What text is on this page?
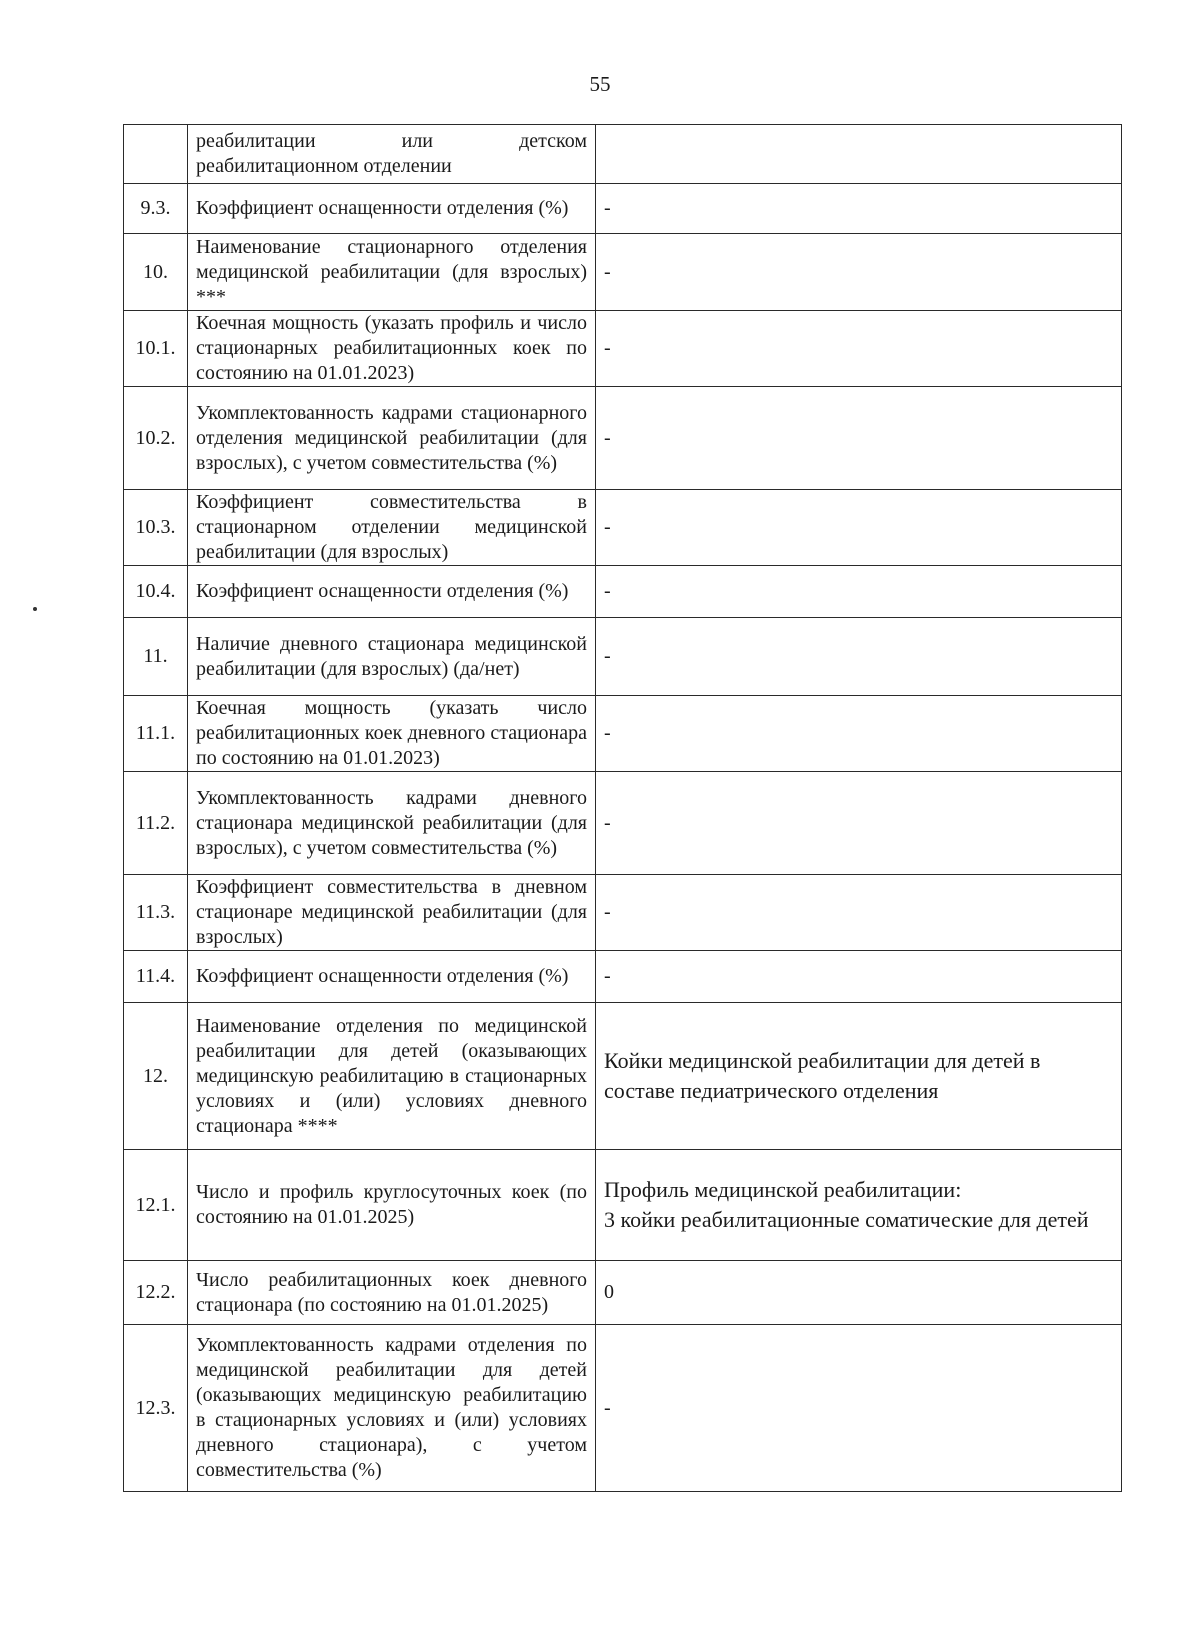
55
	реабилитации или детском реабилитационном отделении	
9.3.	Коэффициент оснащенности отделения (%)	-
10.	Наименование стационарного отделения медицинской реабилитации (для взрослых) ***	-
10.1.	Коечная мощность (указать профиль и число стационарных реабилитационных коек по состоянию на 01.01.2023)	-
10.2.	Укомплектованность кадрами стационарного отделения медицинской реабилитации (для взрослых), с учетом совместительства (%)	-
10.3.	Коэффициент совместительства в стационарном отделении медицинской реабилитации (для взрослых)	-
10.4.	Коэффициент оснащенности отделения (%)	-
11.	Наличие дневного стационара медицинской реабилитации (для взрослых) (да/нет)	-
11.1.	Коечная мощность (указать число реабилитационных коек дневного стационара по состоянию на 01.01.2023)	-
11.2.	Укомплектованность кадрами дневного стационара медицинской реабилитации (для взрослых), с учетом совместительства (%)	-
11.3.	Коэффициент совместительства в дневном стационаре медицинской реабилитации (для взрослых)	-
11.4.	Коэффициент оснащенности отделения (%)	-
12.	Наименование отделения по медицинской реабилитации для детей (оказывающих медицинскую реабилитацию в стационарных условиях и (или) условиях дневного стационара ****	Койки медицинской реабилитации для детей в составе педиатрического отделения
12.1.	Число и профиль круглосуточных коек (по состоянию на 01.01.2025)	Профиль медицинской реабилитации:
3 койки реабилитационные соматические для детей

12.2.	Число реабилитационных коек дневного стационара (по состоянию на 01.01.2025)	0
12.3.	Укомплектованность кадрами отделения по медицинской реабилитации для детей (оказывающих медицинскую реабилитацию в стационарных условиях и (или) условиях дневного стационара), с учетом совместительства (%)	-
